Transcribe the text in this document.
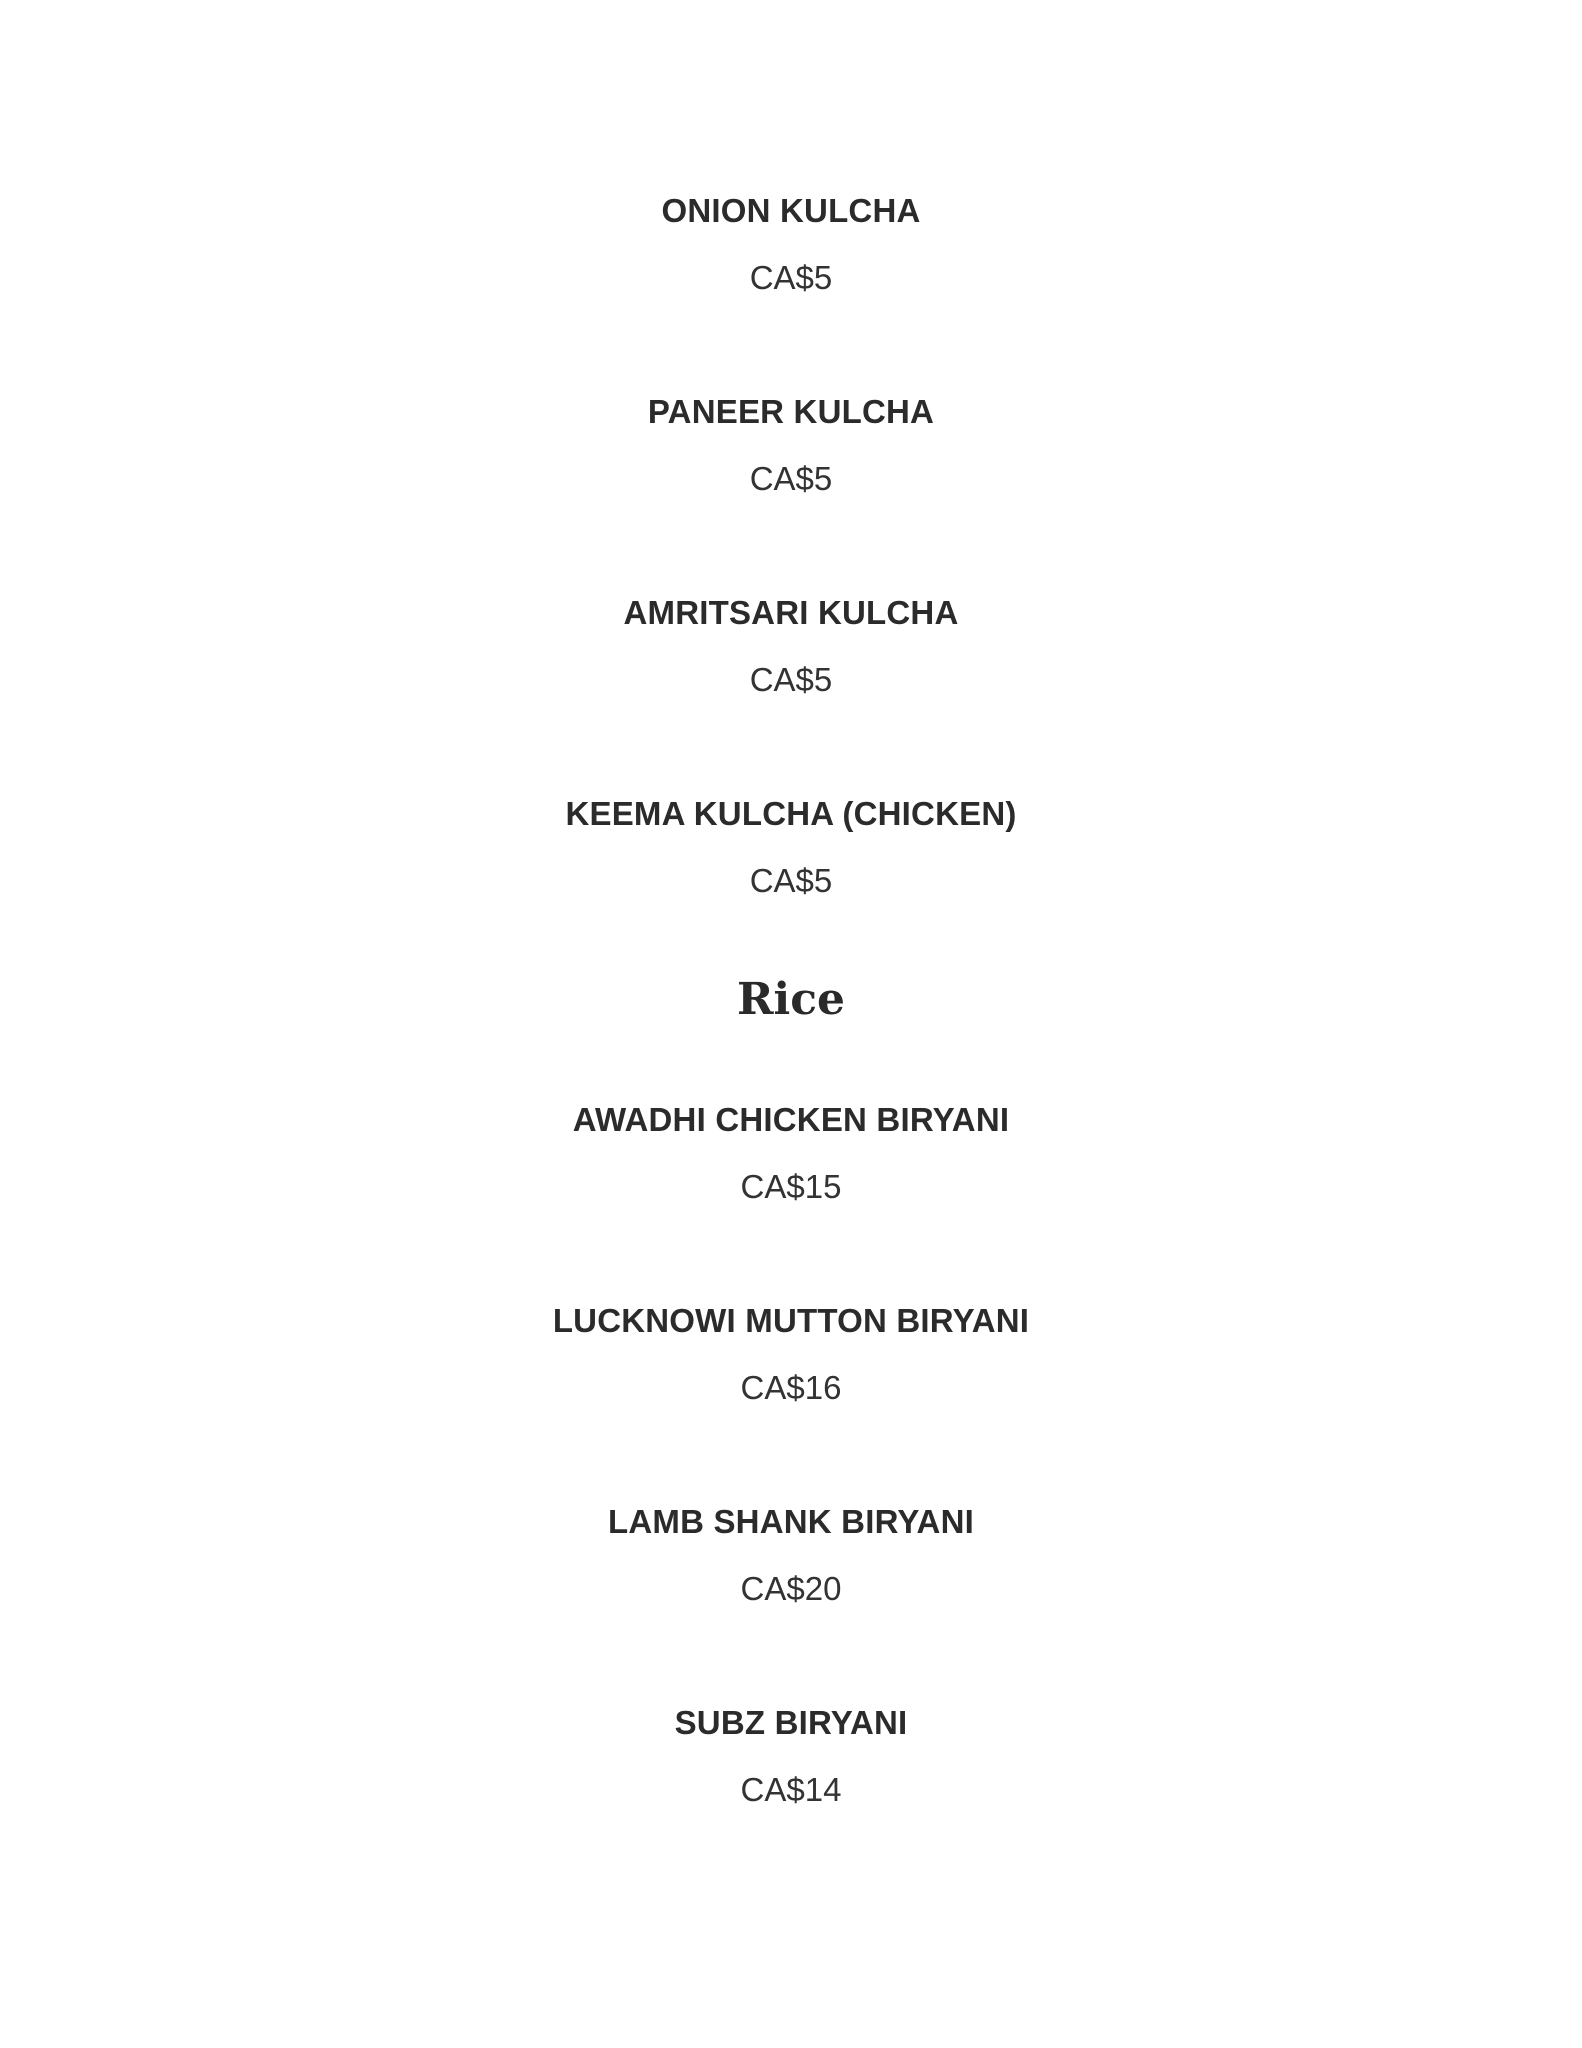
ONION KULCHA
CA$5
PANEER KULCHA
CA$5
AMRITSARI KULCHA
CA$5
KEEMA KULCHA (CHICKEN)
CA$5
Rice
AWADHI CHICKEN BIRYANI
CA$15
LUCKNOWI MUTTON BIRYANI
CA$16
LAMB SHANK BIRYANI
CA$20
SUBZ BIRYANI
CA$14
